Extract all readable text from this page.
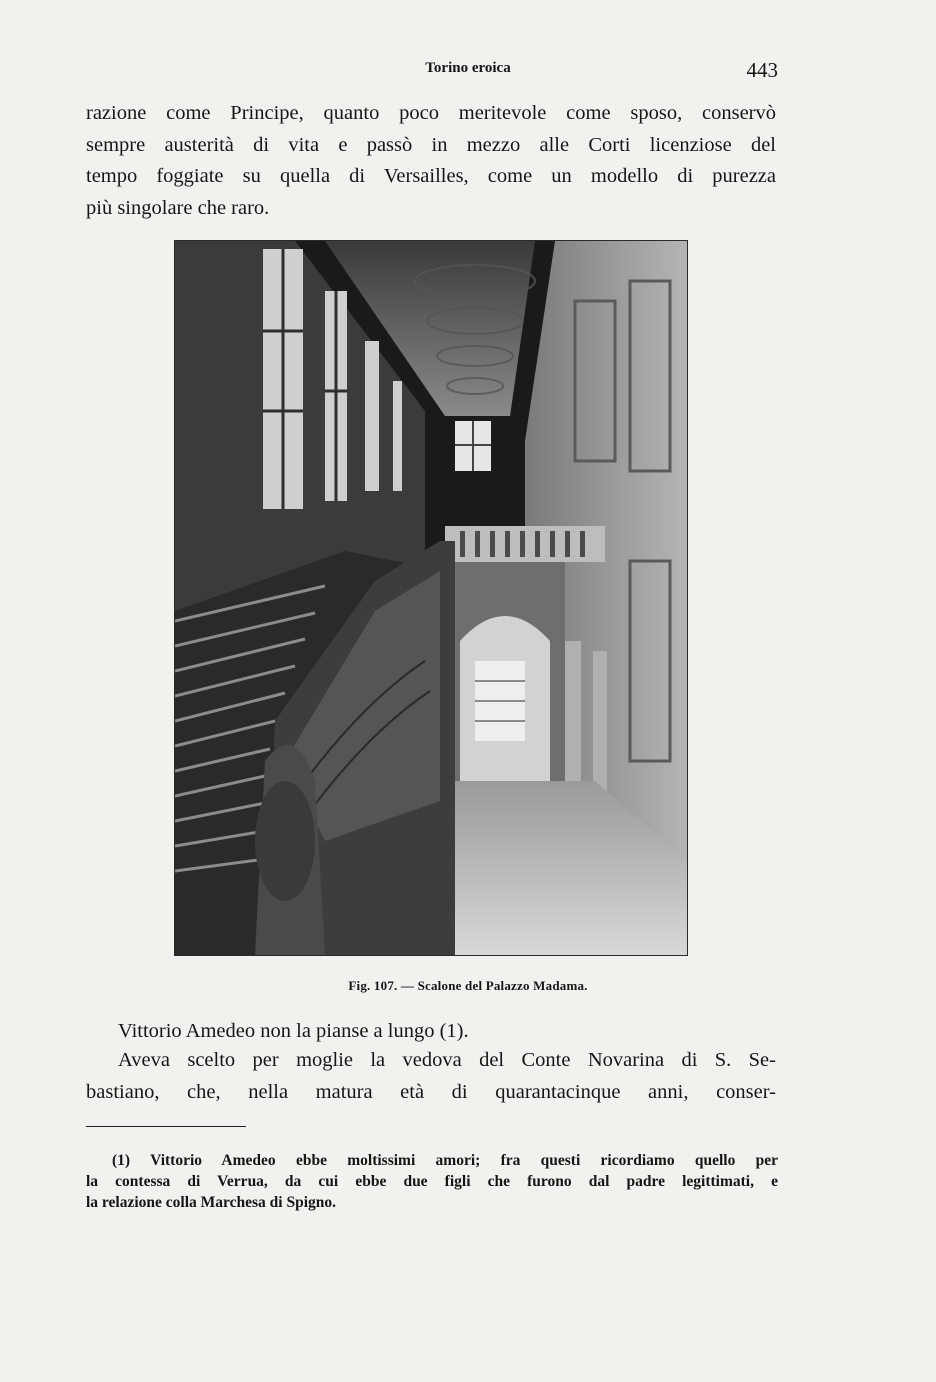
Torino eroica	443

razione come Principe, quanto poco meritevole come sposo, conservò
sempre austerità di vita e passò in mezzo alle Corti licenziose del
tempo foggiate su quella di Versailles, come un modello di purezza
più singolare che raro.

Fig. 107. — Scalone del Palazzo Madama.

Vittorio Amedeo non la pianse a lungo (1).

Aveva scelto per moglie la vedova del Conte Novarina di S. Se-
bastiano, che, nella matura età di quarantacinque anni, conser-

(1) Vittorio Amedeo ebbe moltissimi amori; fra questi ricordiamo quello per
la contessa di Verrua, da cui ebbe due figli che furono dal padre legittimati, e
la relazione colla Marchesa di Spigno.
